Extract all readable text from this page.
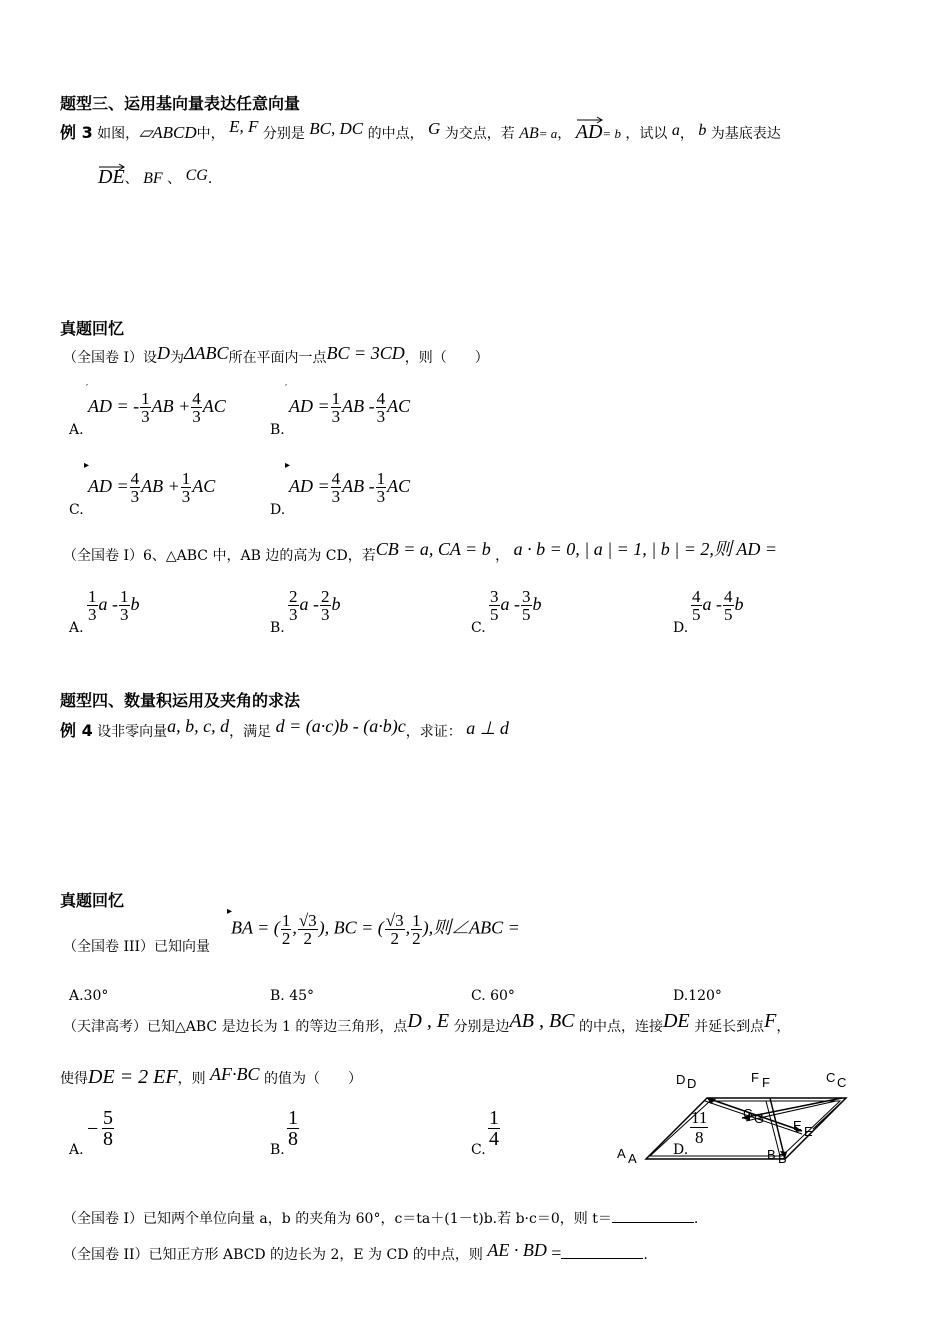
题型三、运用基向量表达任意向量
例 3 如图，▱ABCD中， E, F 分别是 BC, DC 的中点， G 为交点，若 AB= a， AD
= b ，试以 a， b 为基底表达
DE
、 BF 、 CG.
真题回忆
（全国卷 I）设D为ΔABC所在平面内一点BC = 3CD，则（　　）
A.
′
AD = - $\frac{1}{3}$ AB + $\frac{4}{3}$ AC
B.
′
AD = $\frac{1}{3}$ AB - $\frac{4}{3}$ AC
C.
▸
AD = $\frac{4}{3}$ AB + $\frac{1}{3}$ AC
D.
▸
AD = $\frac{4}{3}$ AB - $\frac{1}{3}$ AC
（全国卷 I）6、△ABC 中，AB 边的高为 CD，若CB = a, CA = b ， a · b = 0, | a | = 1, | b | = 2,则 AD =
A.
$\frac{1}{3}$ a - $\frac{1}{3}$ b
B.
$\frac{2}{3}$ a - $\frac{2}{3}$ b
C.
$\frac{3}{5}$ a - $\frac{3}{5}$ b
D.
$\frac{4}{5}$ a - $\frac{4}{5}$ b
题型四、数量积运用及夹角的求法
例 4 设非零向量a, b, c, d，满足 d = (a·c)b - (a·b)c，求证： a ⊥ d
真题回忆
（全国卷 III）已知向量
▸
BA = ( $\frac{1}{2}$ , $\frac{√3}{2}$ ), BC = ( $\frac{√3}{2}$ , $\frac{1}{2}$ ),则∠ABC =
A.30°	B. 45°	C. 60°	D.120°
（天津高考）已知△ABC 是边长为 1 的等边三角形，点D , E 分别是边AB , BC 的中点，连接DE 并延长到点F，
使得DE = 2 EF，则 AF·BC 的值为（　　）
A.
− $\frac{5}{8}$
B.
$\frac{1}{8}$
C.
$\frac{1}{4}$
D.
$\frac{11}{8}$
D D	F F	C C
G G E E
A A	B B
（全国卷 I）已知两个单位向量 a，b 的夹角为 60°，c＝ta＋(1－t)b.若 b·c＝0，则 t＝	.
（全国卷 II）已知正方形 ABCD 的边长为 2，E 为 CD 的中点，则 AE · BD =	.
